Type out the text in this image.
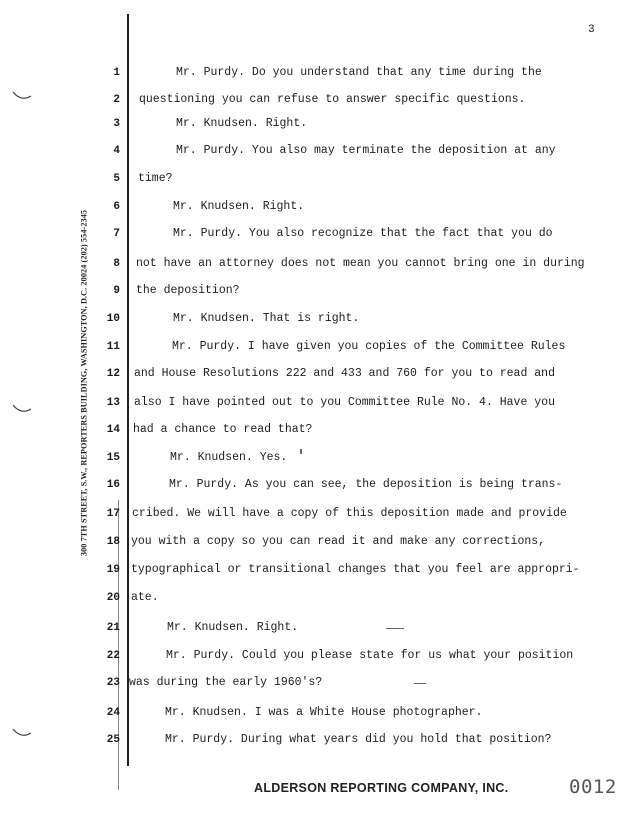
3
300 7TH STREET, S.W., REPORTERS BUILDING, WASHINGTON, D.C. 20024 (202) 554-2345
1	Mr. Purdy. Do you understand that any time during the
2 questioning you can refuse to answer specific questions.
3	Mr. Knudsen. Right.
4	Mr. Purdy. You also may terminate the deposition at any
5 time?
6	Mr. Knudsen. Right.
7	Mr. Purdy. You also recognize that the fact that you do
8 not have an attorney does not mean you cannot bring one in during
9 the deposition?
10	Mr. Knudsen. That is right.
11	Mr. Purdy. I have given you copies of the Committee Rules
12 and House Resolutions 222 and 433 and 760 for you to read and
13 also I have pointed out to you Committee Rule No. 4. Have you
14 had a chance to read that?
15	Mr. Knudsen. Yes.
16	Mr. Purdy. As you can see, the deposition is being trans-
17 cribed. We will have a copy of this deposition made and provide
18 you with a copy so you can read it and make any corrections,
19 typographical or transitional changes that you feel are appropri-
20 ate.
21	Mr. Knudsen. Right.
22	Mr. Purdy. Could you please state for us what your position
23 was during the early 1960's?
24	Mr. Knudsen. I was a White House photographer.
25	Mr. Purdy. During what years did you hold that position?
ALDERSON REPORTING COMPANY, INC.	0012
